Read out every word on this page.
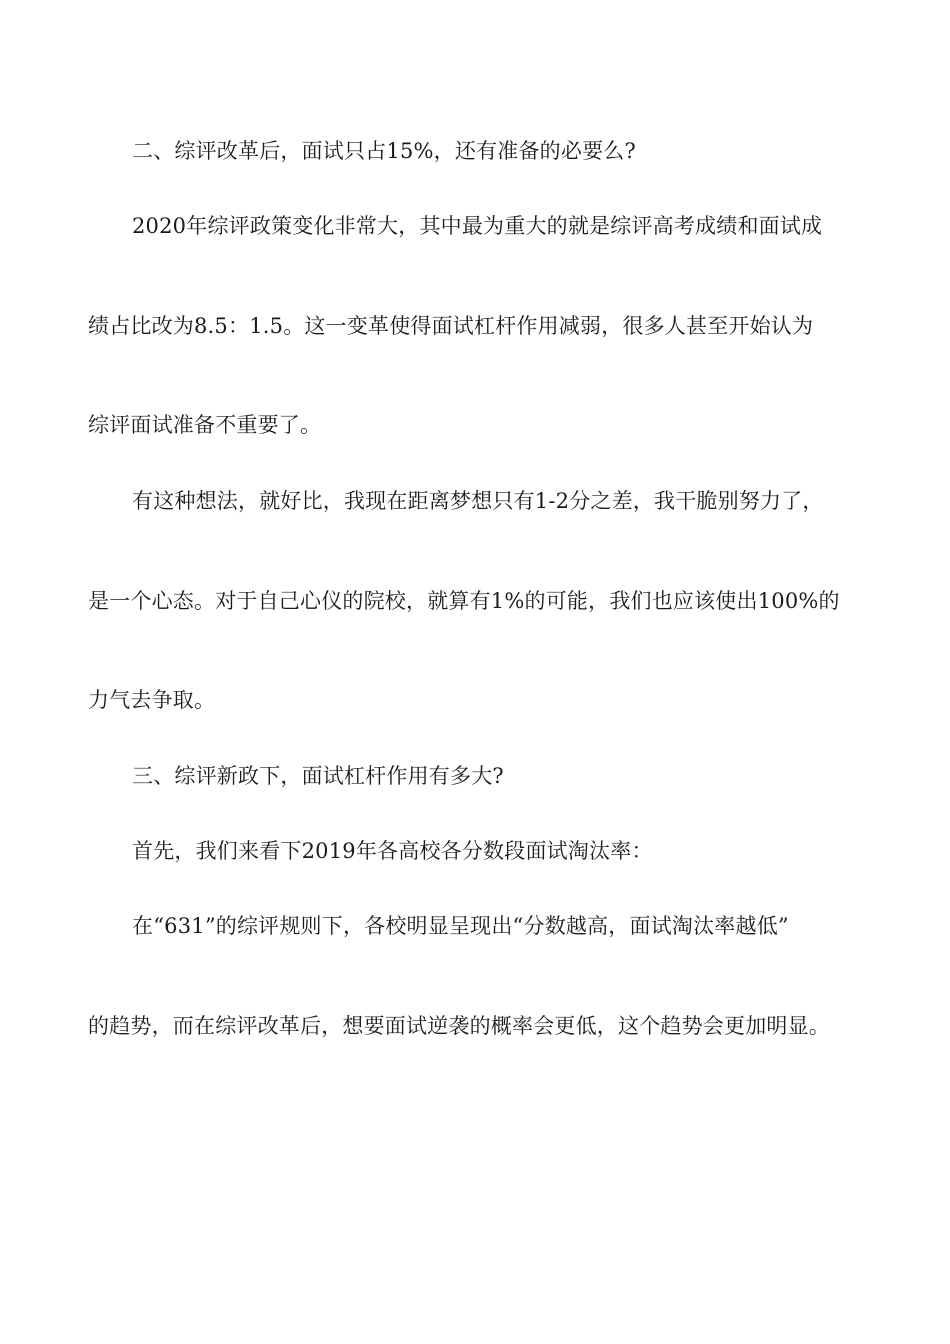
二、综评改革后，面试只占15%，还有准备的必要么?
2020年综评政策变化非常大，其中最为重大的就是综评高考成绩和面试成
绩占比改为8.5：1.5。这一变革使得面试杠杆作用减弱，很多人甚至开始认为
综评面试准备不重要了。
有这种想法，就好比，我现在距离梦想只有1-2分之差，我干脆别努力了，
是一个心态。对于自己心仪的院校，就算有1%的可能，我们也应该使出100%的
力气去争取。
三、综评新政下，面试杠杆作用有多大?
首先，我们来看下2019年各高校各分数段面试淘汰率：
在“631”的综评规则下，各校明显呈现出“分数越高，面试淘汰率越低”
的趋势，而在综评改革后，想要面试逆袭的概率会更低，这个趋势会更加明显。
